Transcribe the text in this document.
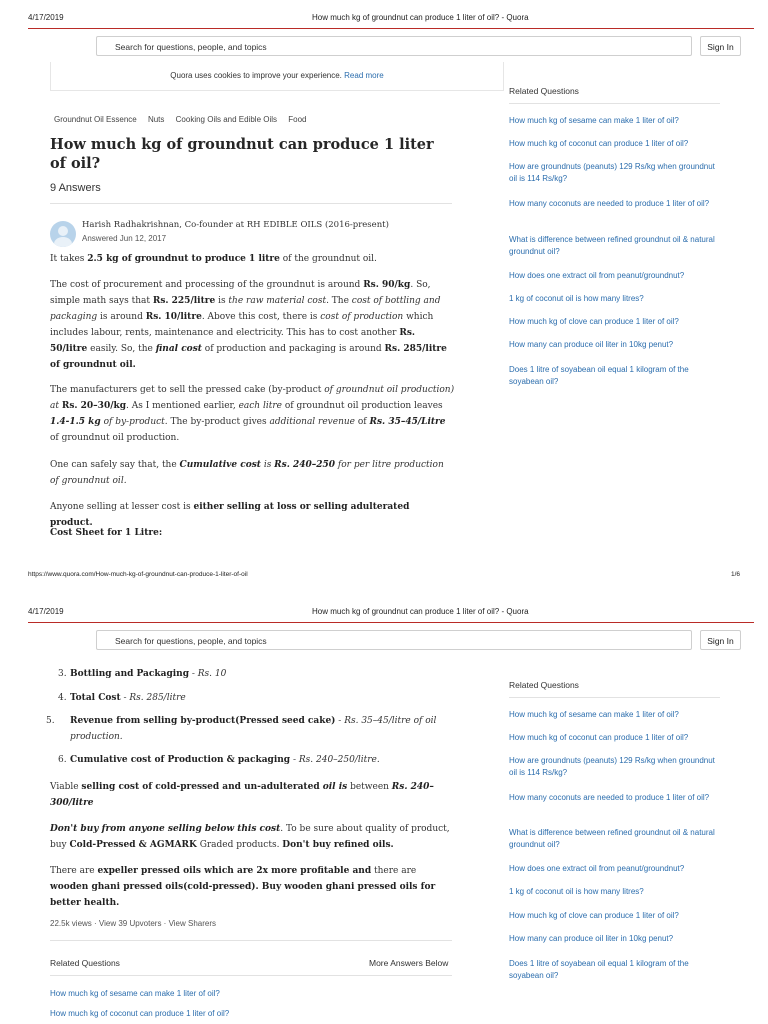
4/17/2019	How much kg of groundnut can produce 1 liter of oil? - Quora
Search for questions, people, and topics	Sign In
Quora uses cookies to improve your experience. Read more
Groundnut Oil Essence Nuts Cooking Oils and Edible Oils Food
How much kg of groundnut can produce 1 liter of oil?
9 Answers
Harish Radhakrishnan, Co-founder at RH EDIBLE OILS (2016-present)
Answered Jun 12, 2017
It takes 2.5 kg of groundnut to produce 1 litre of the groundnut oil.
The cost of procurement and processing of the groundnut is around Rs. 90/kg. So, simple math says that Rs. 225/litre is the raw material cost. The cost of bottling and packaging is around Rs. 10/litre. Above this cost, there is cost of production which includes labour, rents, maintenance and electricity. This has to cost another Rs. 50/litre easily. So, the final cost of production and packaging is around Rs. 285/litre of groundnut oil.
The manufacturers get to sell the pressed cake (by-product of groundnut oil production) at Rs. 20–30/kg. As I mentioned earlier, each litre of groundnut oil production leaves 1.4-1.5 kg of by-product. The by-product gives additional revenue of Rs. 35–45/Litre of groundnut oil production.
One can safely say that, the Cumulative cost is Rs. 240–250 for per litre production of groundnut oil.
Anyone selling at lesser cost is either selling at loss or selling adulterated product.
Cost Sheet for 1 Litre:
Related Questions
How much kg of sesame can make 1 liter of oil?
How much kg of coconut can produce 1 liter of oil?
How are groundnuts (peanuts) 129 Rs/kg when groundnut oil is 114 Rs/kg?
How many coconuts are needed to produce 1 liter of oil?
What is difference between refined groundnut oil & natural groundnut oil?
How does one extract oil from peanut/groundnut?
1 kg of coconut oil is how many litres?
How much kg of clove can produce 1 liter of oil?
How many can produce oil liter in 10kg penut?
Does 1 litre of soyabean oil equal 1 kilogram of the soyabean oil?
https://www.quora.com/How-much-kg-of-groundnut-can-produce-1-liter-of-oil	1/6
4/17/2019	How much kg of groundnut can produce 1 liter of oil? - Quora
Search for questions, people, and topics	Sign In
3. Bottling and Packaging - Rs. 10
4. Total Cost - Rs. 285/litre
5. Revenue from selling by-product(Pressed seed cake) - Rs. 35–45/litre of oil production.
6. Cumulative cost of Production & packaging - Rs. 240–250/litre.
Viable selling cost of cold-pressed and un-adulterated oil is between Rs. 240–300/litre
Don't buy from anyone selling below this cost. To be sure about quality of product, buy Cold-Pressed & AGMARK Graded products. Don't buy refined oils.
There are expeller pressed oils which are 2x more profitable and there are wooden ghani pressed oils(cold-pressed). Buy wooden ghani pressed oils for better health.
22.5k views · View 39 Upvoters · View Sharers
Related Questions	More Answers Below
How much kg of sesame can make 1 liter of oil?
How much kg of coconut can produce 1 liter of oil?
Related Questions
How much kg of sesame can make 1 liter of oil?
How much kg of coconut can produce 1 liter of oil?
How are groundnuts (peanuts) 129 Rs/kg when groundnut oil is 114 Rs/kg?
How many coconuts are needed to produce 1 liter of oil?
What is difference between refined groundnut oil & natural groundnut oil?
How does one extract oil from peanut/groundnut?
1 kg of coconut oil is how many litres?
How much kg of clove can produce 1 liter of oil?
How many can produce oil liter in 10kg penut?
Does 1 litre of soyabean oil equal 1 kilogram of the soyabean oil?
